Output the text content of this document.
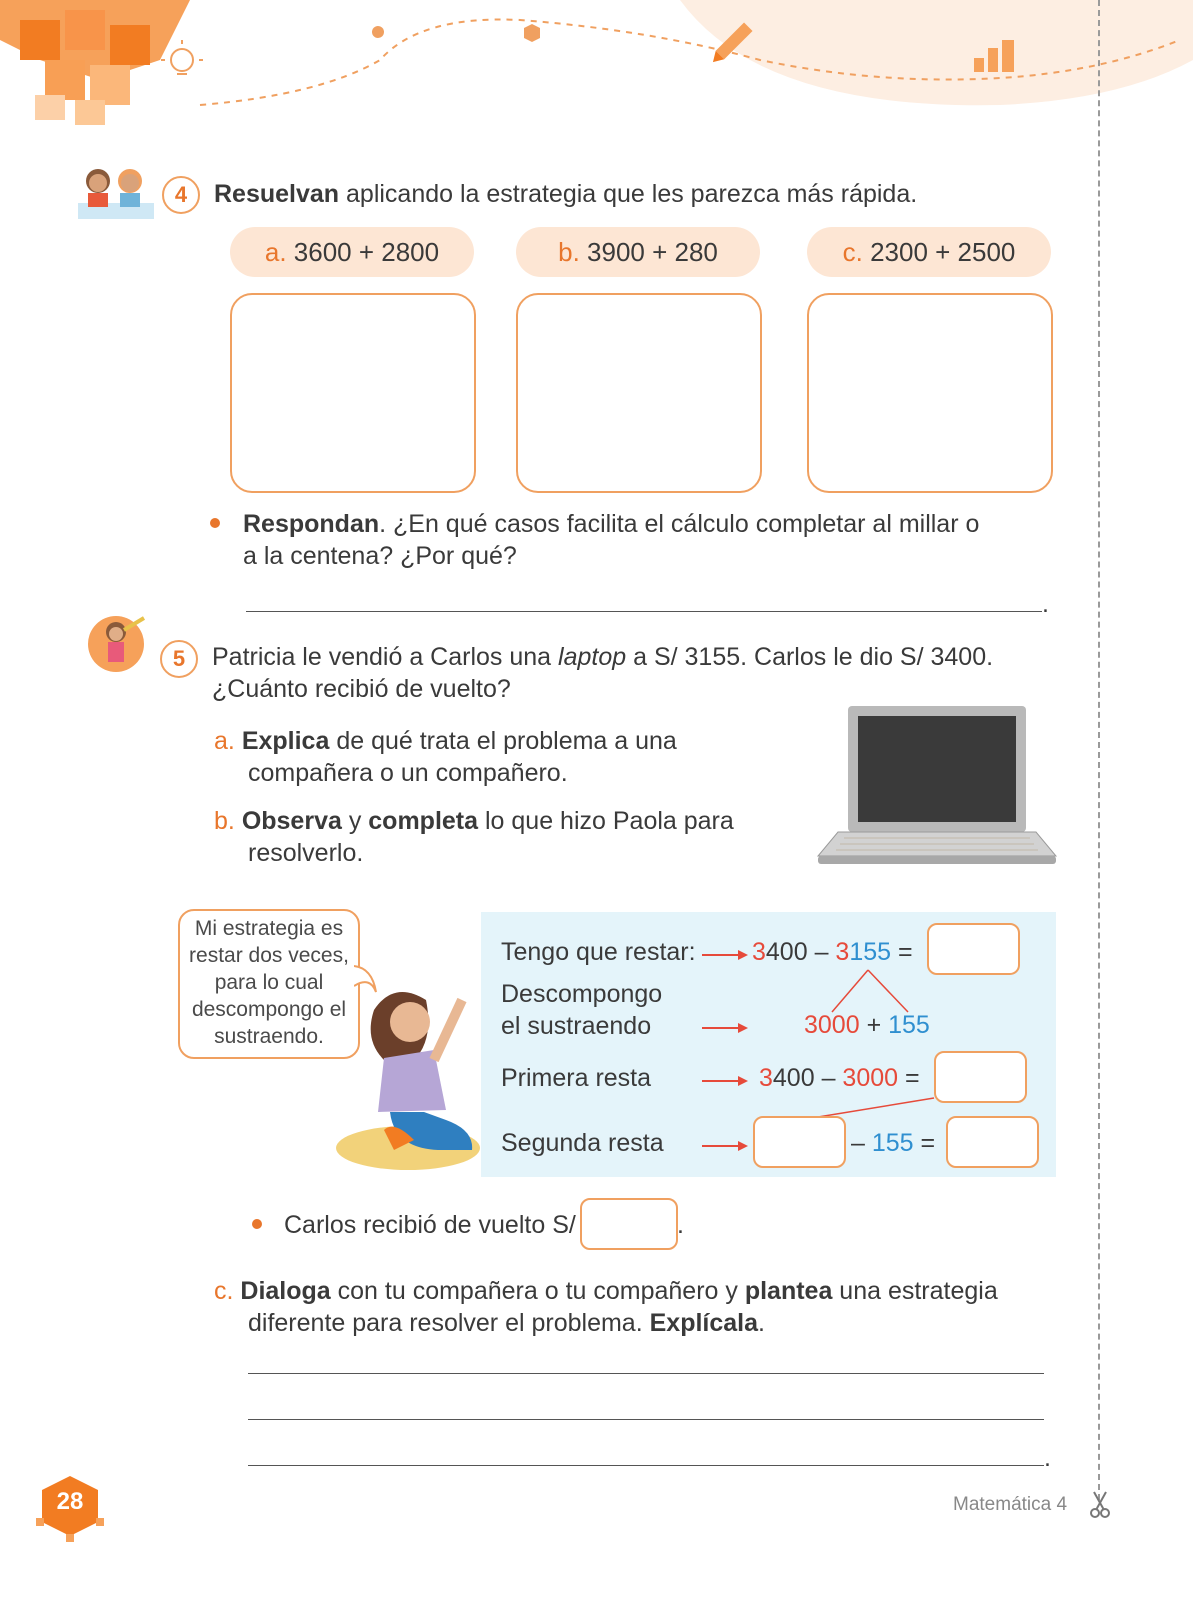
4	Resuelvan aplicando la estrategia que les parezca más rápida.
a. 3600 + 2800	b. 3900 + 280	c. 2300 + 2500
Respondan. ¿En qué casos facilita el cálculo completar al millar o
a la centena? ¿Por qué?
.
5	Patricia le vendió a Carlos una laptop a S/ 3155. Carlos le dio S/ 3400.
¿Cuánto recibió de vuelto?
a. Explica de qué trata el problema a una
compañera o un compañero.
b. Observa y completa lo que hizo Paola para
resolverlo.
Mi estrategia es
restar dos veces,
para lo cual
descompongo el
sustraendo.
Tengo que restar: 3400 – 3155 =
Descompongo
el sustraendo	3000 + 155
Primera resta	3400 – 3000 =
Segunda resta	– 155 =
Carlos recibió de vuelto S/	.
c. Dialoga con tu compañera o tu compañero y plantea una estrategia
diferente para resolver el problema. Explícala.
.
28	Matemática 4
